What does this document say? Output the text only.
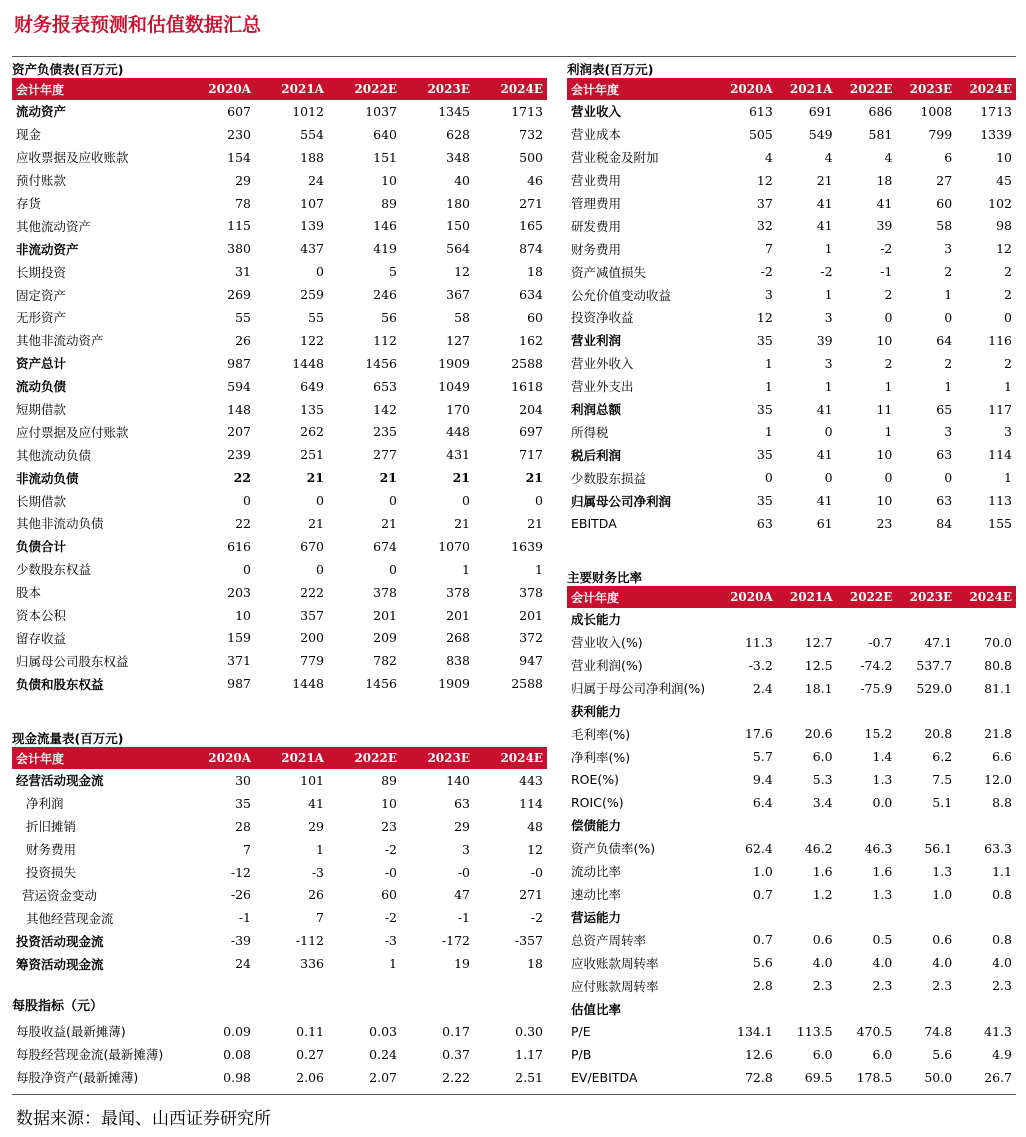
财务报表预测和估值数据汇总
资产负债表(百万元)
会计年度	2020A	2021A	2022E	2023E	2024E
流动资产	607	1012	1037	1345	1713
现金	230	554	640	628	732
应收票据及应收账款	154	188	151	348	500
预付账款	29	24	10	40	46
存货	78	107	89	180	271
其他流动资产	115	139	146	150	165
非流动资产	380	437	419	564	874
长期投资	31	0	5	12	18
固定资产	269	259	246	367	634
无形资产	55	55	56	58	60
其他非流动资产	26	122	112	127	162
资产总计	987	1448	1456	1909	2588
流动负债	594	649	653	1049	1618
短期借款	148	135	142	170	204
应付票据及应付账款	207	262	235	448	697
其他流动负债	239	251	277	431	717
非流动负债	22	21	21	21	21
长期借款	0	0	0	0	0
其他非流动负债	22	21	21	21	21
负债合计	616	670	674	1070	1639
少数股东权益	0	0	0	1	1
股本	203	222	378	378	378
资本公积	10	357	201	201	201
留存收益	159	200	209	268	372
归属母公司股东权益	371	779	782	838	947
负债和股东权益	987	1448	1456	1909	2588
现金流量表(百万元)
会计年度	2020A	2021A	2022E	2023E	2024E
经营活动现金流	30	101	89	140	443
净利润	35	41	10	63	114
折旧摊销	28	29	23	29	48
财务费用	7	1	-2	3	12
投资损失	-12	-3	-0	-0	-0
营运资金变动	-26	26	60	47	271
其他经营现金流	-1	7	-2	-1	-2
投资活动现金流	-39	-112	-3	-172	-357
筹资活动现金流	24	336	1	19	18
每股指标（元）
每股收益(最新摊薄)	0.09	0.11	0.03	0.17	0.30
每股经营现金流(最新摊薄)	0.08	0.27	0.24	0.37	1.17
每股净资产(最新摊薄)	0.98	2.06	2.07	2.22	2.51
利润表(百万元)
会计年度	2020A	2021A	2022E	2023E	2024E
营业收入	613	691	686	1008	1713
营业成本	505	549	581	799	1339
营业税金及附加	4	4	4	6	10
营业费用	12	21	18	27	45
管理费用	37	41	41	60	102
研发费用	32	41	39	58	98
财务费用	7	1	-2	3	12
资产减值损失	-2	-2	-1	2	2
公允价值变动收益	3	1	2	1	2
投资净收益	12	3	0	0	0
营业利润	35	39	10	64	116
营业外收入	1	3	2	2	2
营业外支出	1	1	1	1	1
利润总额	35	41	11	65	117
所得税	1	0	1	3	3
税后利润	35	41	10	63	114
少数股东损益	0	0	0	0	1
归属母公司净利润	35	41	10	63	113
EBITDA	63	61	23	84	155
主要财务比率
会计年度	2020A	2021A	2022E	2023E	2024E
成长能力					
营业收入(%)	11.3	12.7	-0.7	47.1	70.0
营业利润(%)	-3.2	12.5	-74.2	537.7	80.8
归属于母公司净利润(%)	2.4	18.1	-75.9	529.0	81.1
获利能力					
毛利率(%)	17.6	20.6	15.2	20.8	21.8
净利率(%)	5.7	6.0	1.4	6.2	6.6
ROE(%)	9.4	5.3	1.3	7.5	12.0
ROIC(%)	6.4	3.4	0.0	5.1	8.8
偿债能力					
资产负债率(%)	62.4	46.2	46.3	56.1	63.3
流动比率	1.0	1.6	1.6	1.3	1.1
速动比率	0.7	1.2	1.3	1.0	0.8
营运能力					
总资产周转率	0.7	0.6	0.5	0.6	0.8
应收账款周转率	5.6	4.0	4.0	4.0	4.0
应付账款周转率	2.8	2.3	2.3	2.3	2.3
估值比率					
P/E	134.1	113.5	470.5	74.8	41.3
P/B	12.6	6.0	6.0	5.6	4.9
EV/EBITDA	72.8	69.5	178.5	50.0	26.7
数据来源：最闻、山西证券研究所
